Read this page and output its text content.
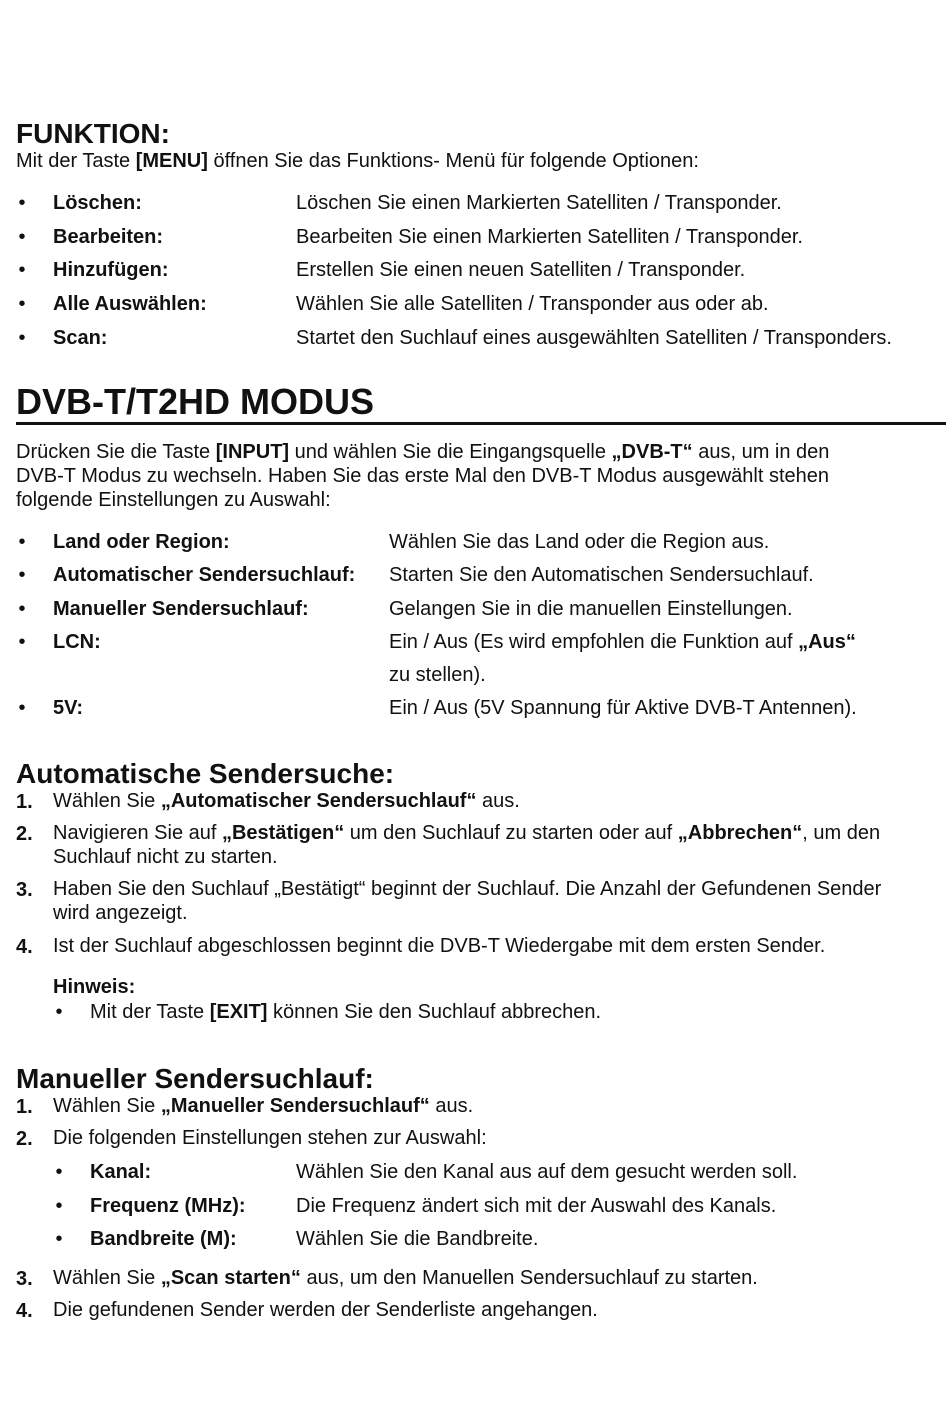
FUNKTION:

Mit der Taste [MENU] öffnen Sie das Funktions- Menü für folgende Optionen:

• Löschen:	Löschen Sie einen Markierten Satelliten / Transponder.
• Bearbeiten:	Bearbeiten Sie einen Markierten Satelliten / Transponder.
• Hinzufügen:	Erstellen Sie einen neuen Satelliten / Transponder.
• Alle Auswählen:	Wählen Sie alle Satelliten / Transponder aus oder ab.
• Scan:	Startet den Suchlauf eines ausgewählten Satelliten / Transponders.
DVB-T/T2HD MODUS
Drücken Sie die Taste [INPUT] und wählen Sie die Eingangsquelle „DVB-T“ aus, um in den
DVB-T Modus zu wechseln. Haben Sie das erste Mal den DVB-T Modus ausgewählt stehen
folgende Einstellungen zu Auswahl:
• Land oder Region:	Wählen Sie das Land oder die Region aus.
• Automatischer Sendersuchlauf: Starten Sie den Automatischen Sendersuchlauf.
• Manueller Sendersuchlauf:	Gelangen Sie in die manuellen Einstellungen.
• LCN:	Ein / Aus (Es wird empfohlen die Funktion auf „Aus“
zu stellen).
• 5V:	Ein / Aus (5V Spannung für Aktive DVB-T Antennen).
Automatische Sendersuche:
1. Wählen Sie „Automatischer Sendersuchlauf“ aus.
2. Navigieren Sie auf „Bestätigen“ um den Suchlauf zu starten oder auf „Abbrechen“, um den
Suchlauf nicht zu starten.
3. Haben Sie den Suchlauf „Bestätigt“ beginnt der Suchlauf. Die Anzahl der Gefundenen Sender
wird angezeigt.
4. Ist der Suchlauf abgeschlossen beginnt die DVB-T Wiedergabe mit dem ersten Sender.
Hinweis:
• Mit der Taste [EXIT] können Sie den Suchlauf abbrechen.
Manueller Sendersuchlauf:
1. Wählen Sie „Manueller Sendersuchlauf“ aus.
2. Die folgenden Einstellungen stehen zur Auswahl:
• Kanal:	Wählen Sie den Kanal aus auf dem gesucht werden soll.
• Frequenz (MHz):	Die Frequenz ändert sich mit der Auswahl des Kanals.
• Bandbreite (M):	Wählen Sie die Bandbreite.
3. Wählen Sie „Scan starten“ aus, um den Manuellen Sendersuchlauf zu starten.
4. Die gefundenen Sender werden der Senderliste angehangen.
